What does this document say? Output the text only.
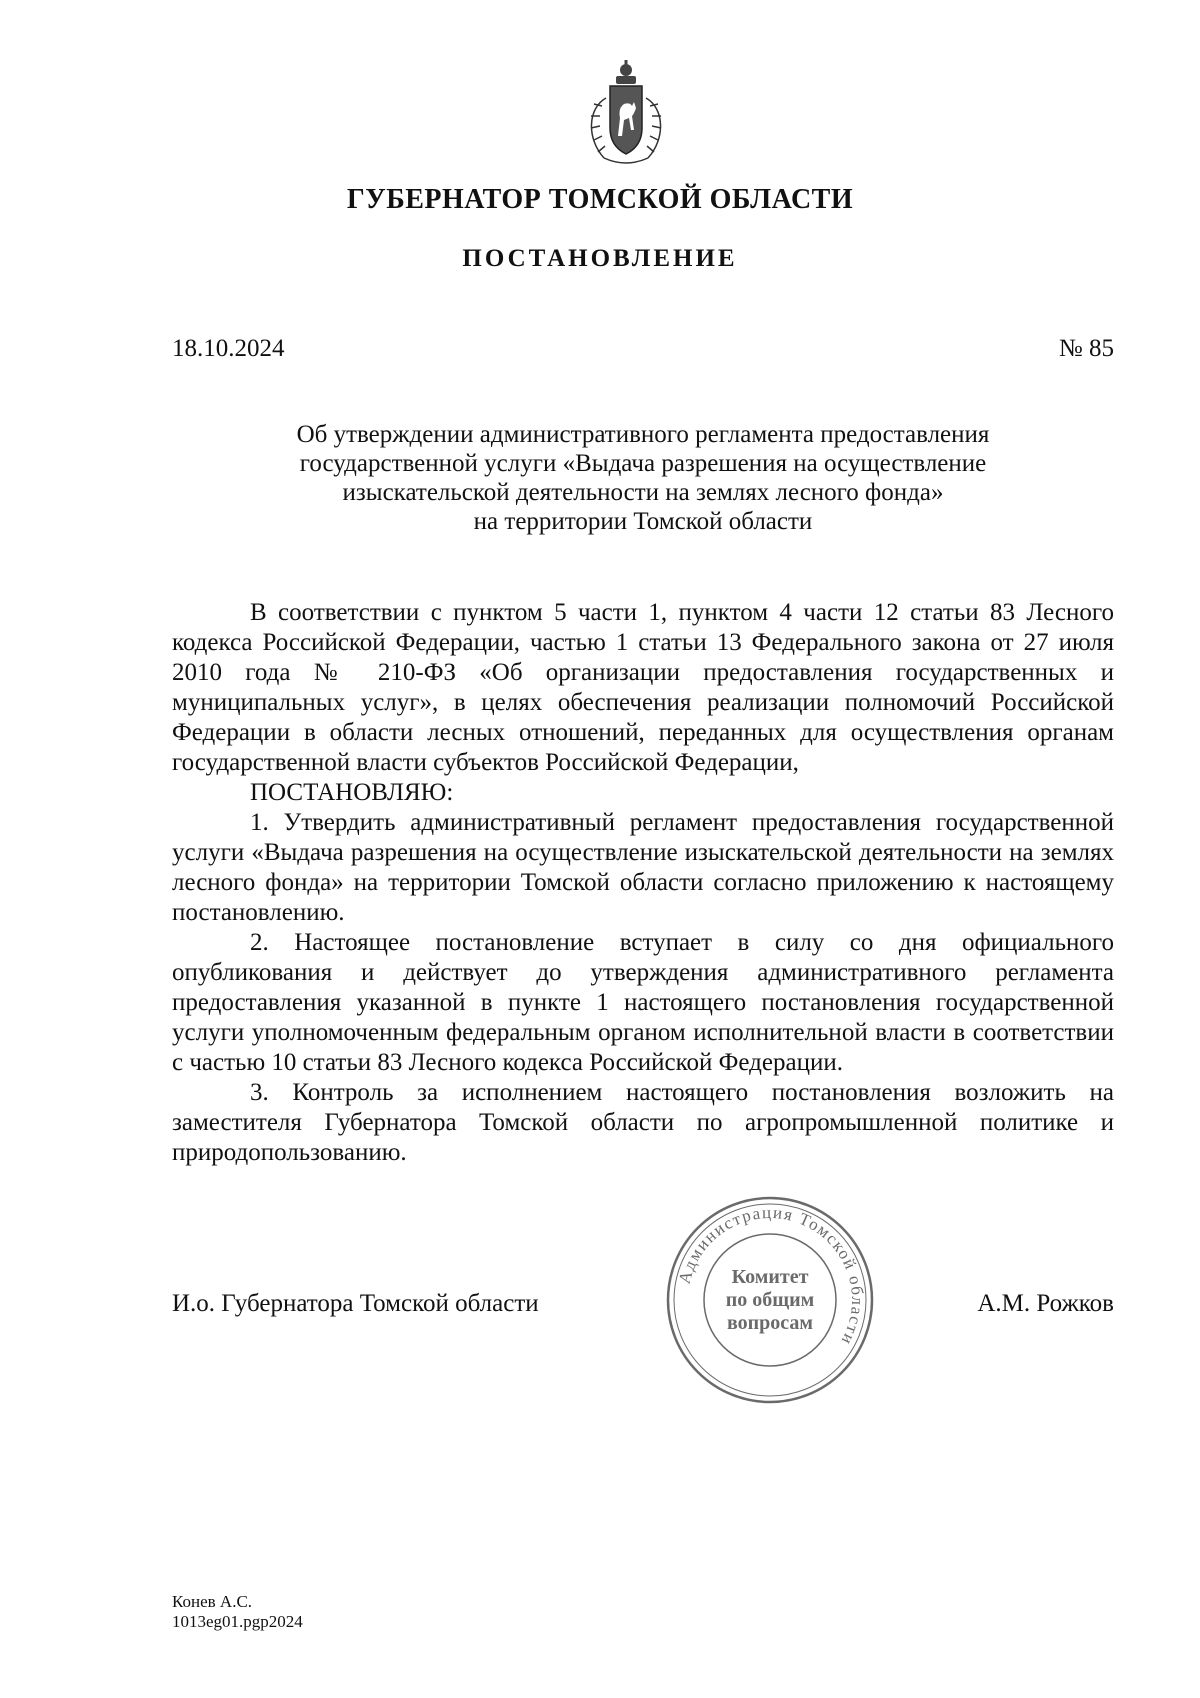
ГУБЕРНАТОР ТОМСКОЙ ОБЛАСТИ
ПОСТАНОВЛЕНИЕ
18.10.2024	№ 85
Об утверждении административного регламента предоставления
государственной услуги «Выдача разрешения на осуществление
изыскательской деятельности на землях лесного фонда»
на территории Томской области

В соответствии с пунктом 5 части 1, пунктом 4 части 12 статьи 83 Лесного кодекса Российской Федерации, частью 1 статьи 13 Федерального закона от 27 июля 2010 года № 210-ФЗ «Об организации предоставления государственных и муниципальных услуг», в целях обеспечения реализации полномочий Российской Федерации в области лесных отношений, переданных для осуществления органам государственной власти субъектов Российской Федерации,

ПОСТАНОВЛЯЮ:

1. Утвердить административный регламент предоставления государственной услуги «Выдача разрешения на осуществление изыскательской деятельности на землях лесного фонда» на территории Томской области согласно приложению к настоящему постановлению.

2. Настоящее постановление вступает в силу со дня официального опубликования и действует до утверждения административного регламента предоставления указанной в пункте 1 настоящего постановления государственной услуги уполномоченным федеральным органом исполнительной власти в соответствии с частью 10 статьи 83 Лесного кодекса Российской Федерации.

3. Контроль за исполнением настоящего постановления возложить на заместителя Губернатора Томской области по агропромышленной политике и природопользованию.

И.о. Губернатора Томской области	А.М. Рожков
Администрация Томской области
Комитет
по общим
вопросам
Конев А.С.
1013eg01.pgp2024
